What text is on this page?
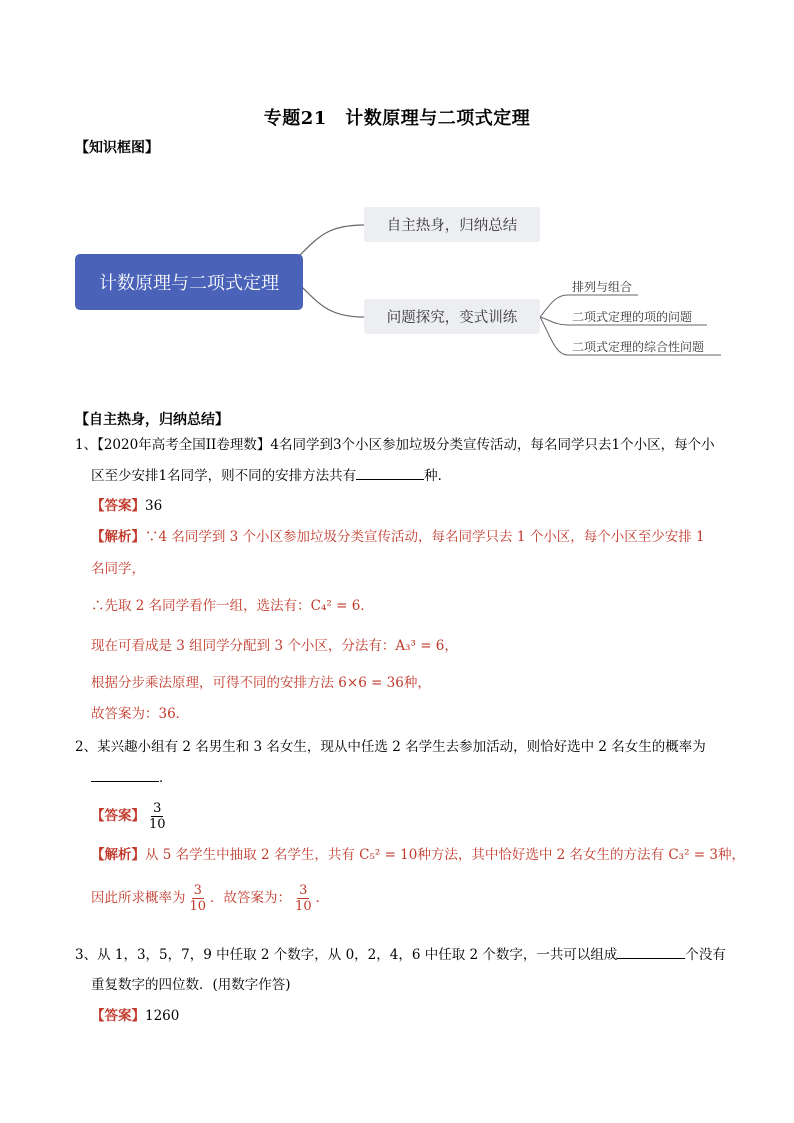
专题21　计数原理与二项式定理
【知识框图】
计数原理与二项式定理
自主热身，归纳总结
问题探究，变式训练
排列与组合
二项式定理的项的问题
二项式定理的综合性问题
【自主热身，归纳总结】
1、【2020年高考全国II卷理数】4名同学到3个小区参加垃圾分类宣传活动，每名同学只去1个小区，每个小
区至少安排1名同学，则不同的安排方法共有	种．
【答案】36
【解析】∵4 名同学到 3 个小区参加垃圾分类宣传活动，每名同学只去 1 个小区，每个小区至少安排 1
名同学，
∴先取 2 名同学看作一组，选法有：C₄² = 6．
现在可看成是 3 组同学分配到 3 个小区，分法有：A₃³ = 6，
根据分步乘法原理，可得不同的安排方法 6×6 = 36种，
故答案为：36．
2、某兴趣小组有 2 名男生和 3 名女生，现从中任选 2 名学生去参加活动，则恰好选中 2 名女生的概率为
．
【答案】 $\frac{3}{10}$
【解析】从 5 名学生中抽取 2 名学生，共有 C₅² = 10种方法，其中恰好选中 2 名女生的方法有 C₃² = 3种，
因此所求概率为 $\frac{3}{10}$ ．故答案为： $\frac{3}{10}$ ．
3、从 1，3，5，7，9 中任取 2 个数字，从 0，2，4，6 中任取 2 个数字，一共可以组成	个没有
重复数字的四位数．(用数字作答)
【答案】1260
